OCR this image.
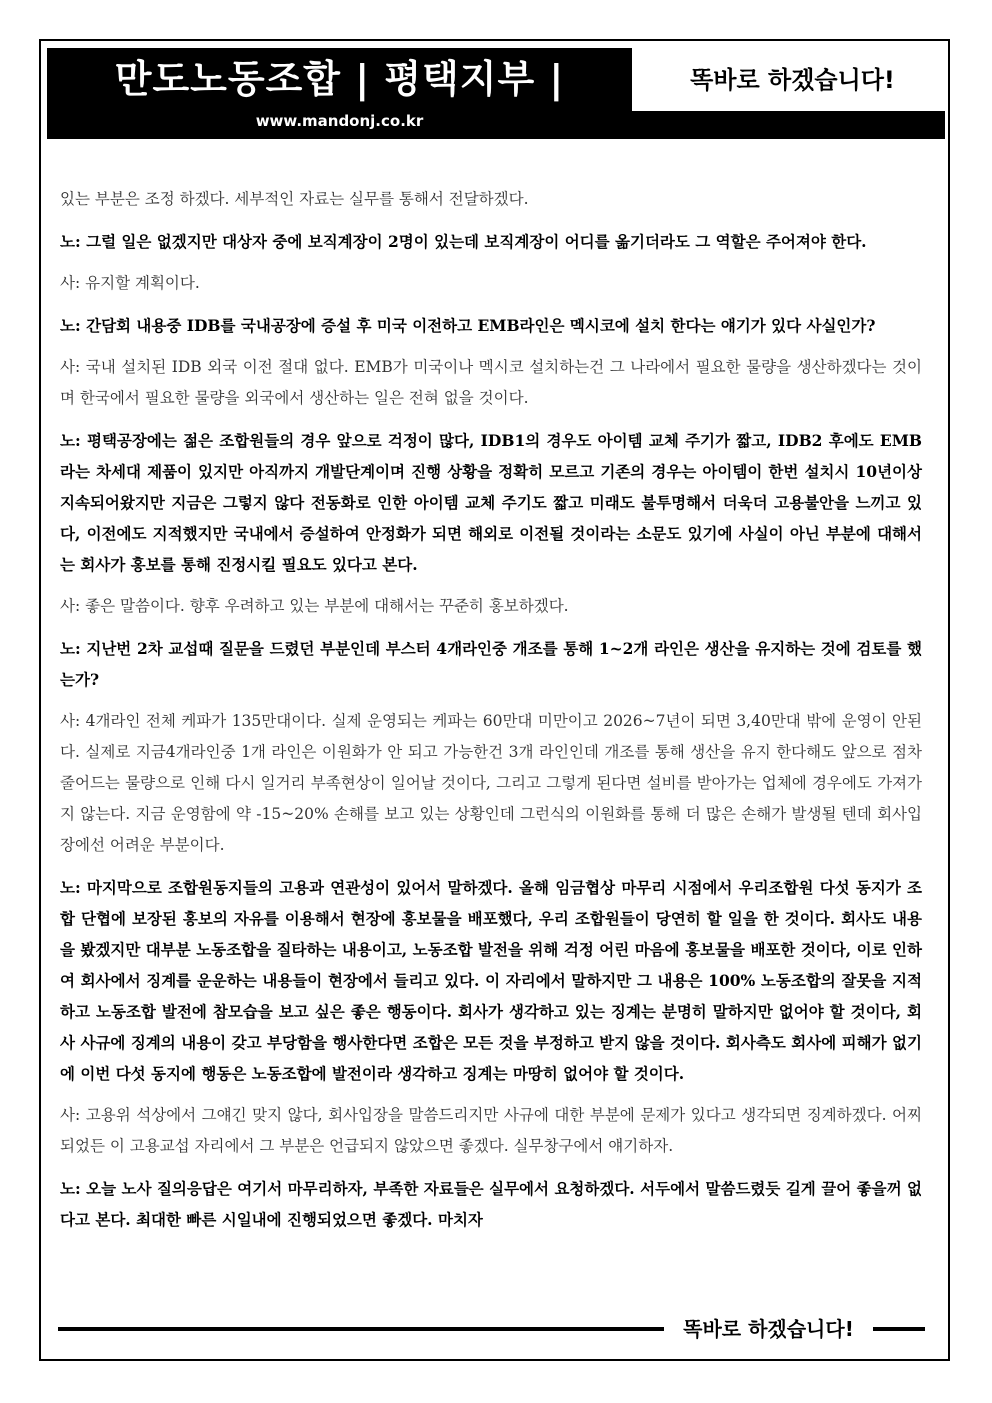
만도노동조합 | 평택지부 |
www.mandonj.co.kr
똑바로 하겠습니다!

있는 부분은 조정 하겠다. 세부적인 자료는 실무를 통해서 전달하겠다.

노: 그럴 일은 없겠지만 대상자 중에 보직계장이 2명이 있는데 보직계장이 어디를 옮기더라도 그 역할은 주어져야 한다.

사: 유지할 계획이다.

노: 간담회 내용중 IDB를 국내공장에 증설 후 미국 이전하고 EMB라인은 멕시코에 설치 한다는 얘기가 있다 사실인가?

사: 국내 설치된 IDB 외국 이전 절대 없다. EMB가 미국이나 멕시코 설치하는건 그 나라에서 필요한 물량을 생산하겠다는 것이며 한국에서 필요한 물량을 외국에서 생산하는 일은 전혀 없을 것이다.

노: 평택공장에는 젊은 조합원들의 경우 앞으로 걱정이 많다, IDB1의 경우도 아이템 교체 주기가 짧고, IDB2 후에도 EMB라는 차세대 제품이 있지만 아직까지 개발단계이며 진행 상황을 정확히 모르고 기존의 경우는 아이템이 한번 설치시 10년이상 지속되어왔지만 지금은 그렇지 않다 전동화로 인한 아이템 교체 주기도 짧고 미래도 불투명해서 더욱더 고용불안을 느끼고 있다, 이전에도 지적했지만 국내에서 증설하여 안정화가 되면 해외로 이전될 것이라는 소문도 있기에 사실이 아닌 부분에 대해서는 회사가 홍보를 통해 진정시킬 필요도 있다고 본다.

사: 좋은 말씀이다. 향후 우려하고 있는 부분에 대해서는 꾸준히 홍보하겠다.

노: 지난번 2차 교섭때 질문을 드렸던 부분인데 부스터 4개라인중 개조를 통해 1~2개 라인은 생산을 유지하는 것에 검토를 했는가?

사: 4개라인 전체 케파가 135만대이다. 실제 운영되는 케파는 60만대 미만이고 2026~7년이 되면 3,40만대 밖에 운영이 안된다. 실제로 지금4개라인중 1개 라인은 이원화가 안 되고 가능한건 3개 라인인데 개조를 통해 생산을 유지 한다해도 앞으로 점차 줄어드는 물량으로 인해 다시 일거리 부족현상이 일어날 것이다, 그리고 그렇게 된다면 설비를 받아가는 업체에 경우에도 가져가지 않는다. 지금 운영함에 약 -15~20% 손해를 보고 있는 상황인데 그런식의 이원화를 통해 더 많은 손해가 발생될 텐데 회사입장에선 어려운 부분이다.

노: 마지막으로 조합원동지들의 고용과 연관성이 있어서 말하겠다. 올해 임금협상 마무리 시점에서 우리조합원 다섯 동지가 조합 단협에 보장된 홍보의 자유를 이용해서 현장에 홍보물을 배포했다, 우리 조합원들이 당연히 할 일을 한 것이다. 회사도 내용을 봤겠지만 대부분 노동조합을 질타하는 내용이고, 노동조합 발전을 위해 걱정 어린 마음에 홍보물을 배포한 것이다, 이로 인하여 회사에서 징계를 운운하는 내용들이 현장에서 들리고 있다. 이 자리에서 말하지만 그 내용은 100% 노동조합의 잘못을 지적하고 노동조합 발전에 참모습을 보고 싶은 좋은 행동이다. 회사가 생각하고 있는 징계는 분명히 말하지만 없어야 할 것이다, 회사 사규에 징계의 내용이 갖고 부당함을 행사한다면 조합은 모든 것을 부정하고 받지 않을 것이다. 회사측도 회사에 피해가 없기에 이번 다섯 동지에 행동은 노동조합에 발전이라 생각하고 징계는 마땅히 없어야 할 것이다.

사: 고용위 석상에서 그얘긴 맞지 않다, 회사입장을 말씀드리지만 사규에 대한 부분에 문제가 있다고 생각되면 징계하겠다. 어찌되었든 이 고용교섭 자리에서 그 부분은 언급되지 않았으면 좋겠다. 실무창구에서 얘기하자.

노: 오늘 노사 질의응답은 여기서 마무리하자, 부족한 자료들은 실무에서 요청하겠다. 서두에서 말씀드렸듯 길게 끌어 좋을꺼 없다고 본다. 최대한 빠른 시일내에 진행되었으면 좋겠다. 마치자

똑바로 하겠습니다!
